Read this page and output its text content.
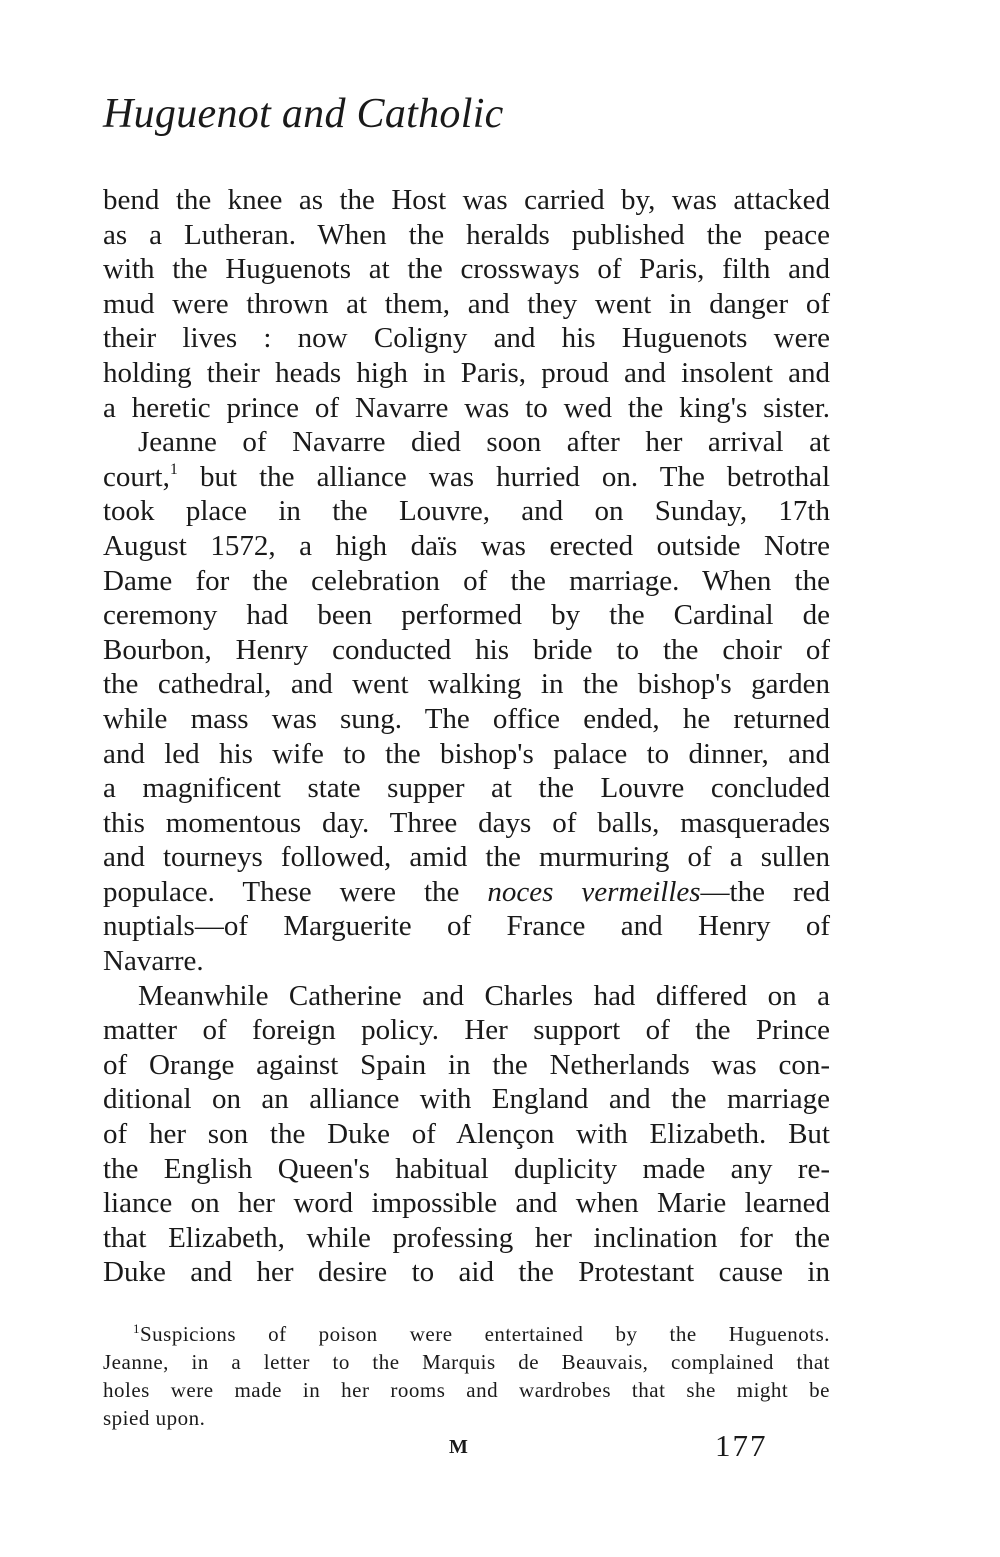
Huguenot and Catholic
bend the knee as the Host was carried by, was attacked
as a Lutheran. When the heralds published the peace
with the Huguenots at the crossways of Paris, filth and
mud were thrown at them, and they went in danger of
their lives : now Coligny and his Huguenots were
holding their heads high in Paris, proud and insolent and
a heretic prince of Navarre was to wed the king's sister.
Jeanne of Navarre died soon after her arrival at
court,$^1$ but the alliance was hurried on. The betrothal
took place in the Louvre, and on Sunday, 17th
August 1572, a high daïs was erected outside Notre
Dame for the celebration of the marriage. When the
ceremony had been performed by the Cardinal de
Bourbon, Henry conducted his bride to the choir of
the cathedral, and went walking in the bishop's garden
while mass was sung. The office ended, he returned
and led his wife to the bishop's palace to dinner, and
a magnificent state supper at the Louvre concluded
this momentous day. Three days of balls, masquerades
and tourneys followed, amid the murmuring of a sullen
populace. These were the noces vermeilles—the red
nuptials—of Marguerite of France and Henry of
Navarre.
Meanwhile Catherine and Charles had differed on a
matter of foreign policy. Her support of the Prince
of Orange against Spain in the Netherlands was con-
ditional on an alliance with England and the marriage
of her son the Duke of Alençon with Elizabeth. But
the English Queen's habitual duplicity made any re-
liance on her word impossible and when Marie learned
that Elizabeth, while professing her inclination for the
Duke and her desire to aid the Protestant cause in
$^1$Suspicions of poison were entertained by the Huguenots.
Jeanne, in a letter to the Marquis de Beauvais, complained that
holes were made in her rooms and wardrobes that she might be
spied upon.
M	177
